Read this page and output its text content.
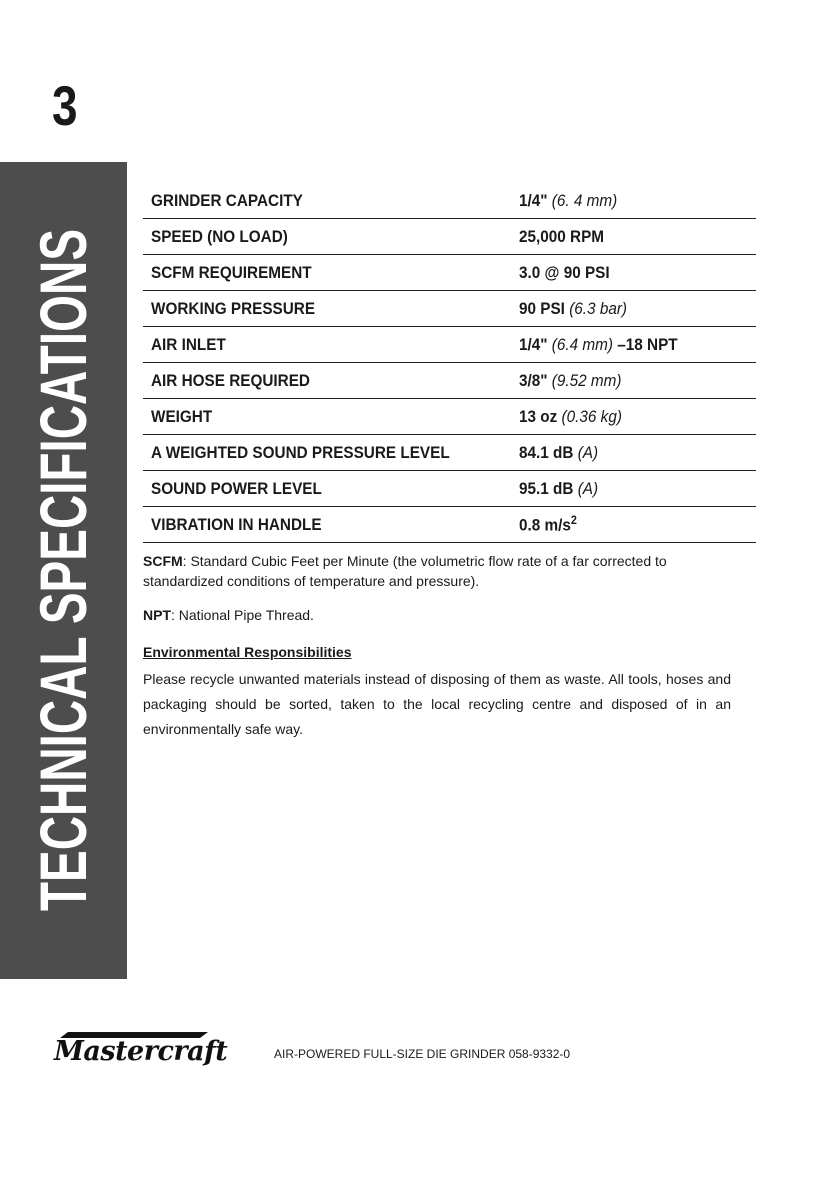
3
TECHNICAL SPECIFICATIONS
GRINDER CAPACITY	1/4" (6. 4 mm)
SPEED (NO LOAD)	25,000 RPM
SCFM REQUIREMENT	3.0 @ 90 PSI
WORKING PRESSURE	90 PSI (6.3 bar)
AIR INLET	1/4" (6.4 mm) –18 NPT
AIR HOSE REQUIRED	3/8" (9.52 mm)
WEIGHT	13 oz (0.36 kg)
A WEIGHTED SOUND PRESSURE LEVEL	84.1 dB (A)
SOUND POWER LEVEL	95.1 dB (A)
VIBRATION IN HANDLE	0.8 $m/s^2$
SCFM: Standard Cubic Feet per Minute (the volumetric flow rate of a far corrected to standardized conditions of temperature and pressure).
NPT: National Pipe Thread.
Environmental Responsibilities
Please recycle unwanted materials instead of disposing of them as waste. All tools, hoses and packaging should be sorted, taken to the local recycling centre and disposed of in an environmentally safe way.
Mastercraft	AIR-POWERED FULL-SIZE DIE GRINDER 058-9332-0
